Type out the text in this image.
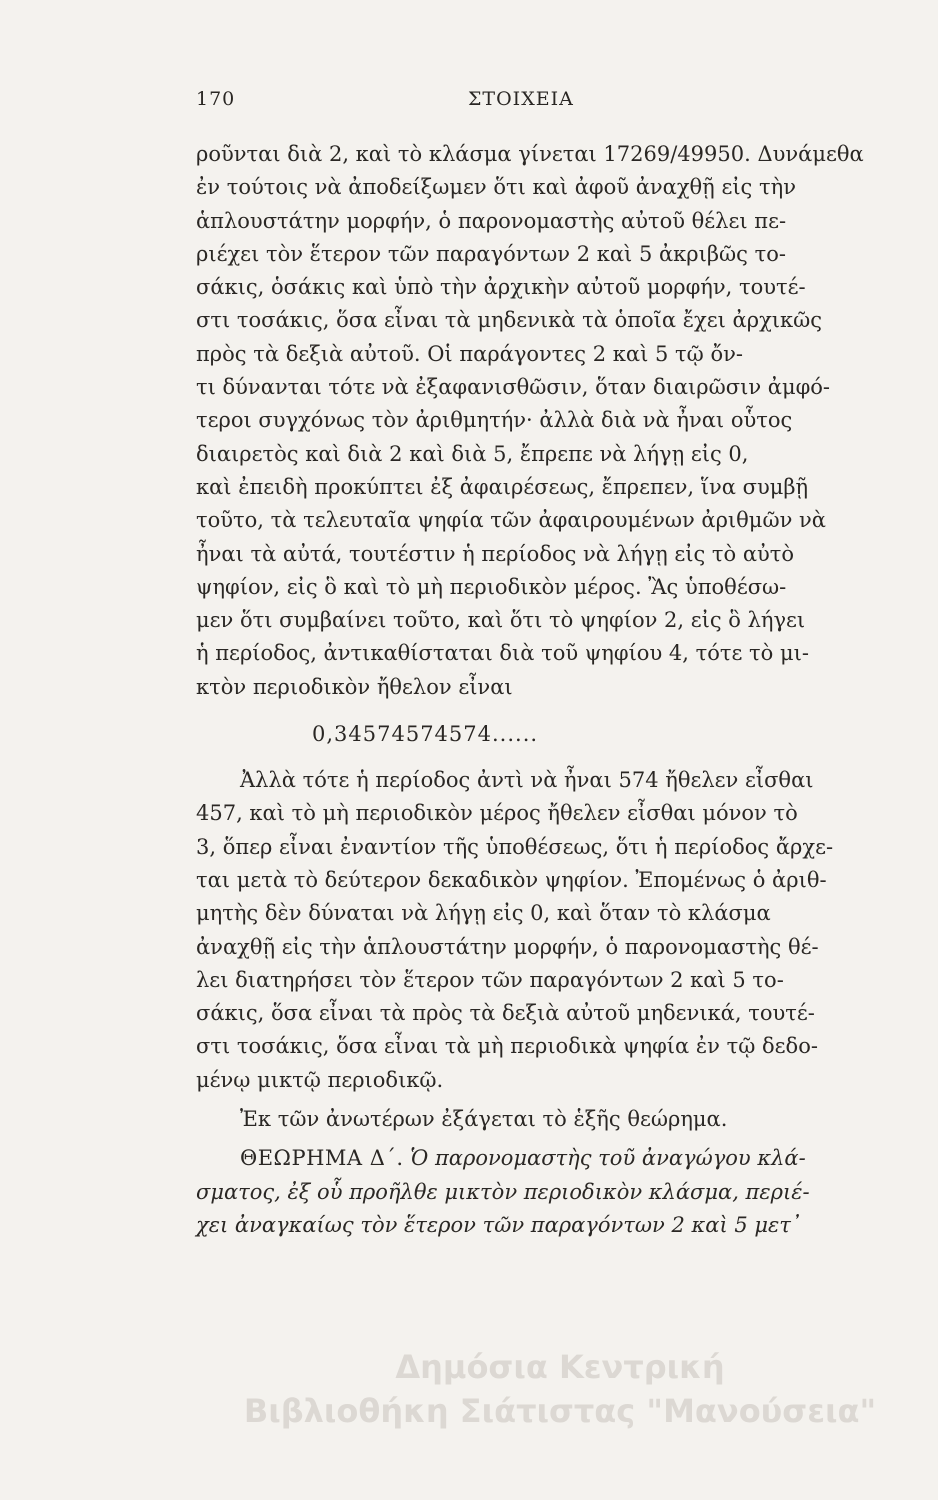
170	ΣΤΟΙΧΕΙΑ
ροῦνται διὰ 2, καὶ τὸ κλάσμα γίνεται 17269/49950. Δυνάμεθα
ἐν τούτοις νὰ ἀποδείξωμεν ὅτι καὶ ἀφοῦ ἀναχθῇ εἰς τὴν
ἁπλουστάτην μορφήν, ὁ παρονομαστὴς αὐτοῦ θέλει πε-
ριέχει τὸν ἕτερον τῶν παραγόντων 2 καὶ 5 ἀκριβῶς το-
σάκις, ὁσάκις καὶ ὑπὸ τὴν ἀρχικὴν αὐτοῦ μορφήν, τουτέ-
στι τοσάκις, ὅσα εἶναι τὰ μηδενικὰ τὰ ὁποῖα ἔχει ἀρχικῶς
πρὸς τὰ δεξιὰ αὐτοῦ. Οἱ παράγοντες 2 καὶ 5 τῷ ὄν-
τι δύνανται τότε νὰ ἐξαφανισθῶσιν, ὅταν διαιρῶσιν ἀμφό-
τεροι συγχόνως τὸν ἀριθμητήν· ἀλλὰ διὰ νὰ ἦναι οὗτος
διαιρετὸς καὶ διὰ 2 καὶ διὰ 5, ἔπρεπε νὰ λήγῃ εἰς 0,
καὶ ἐπειδὴ προκύπτει ἐξ ἀφαιρέσεως, ἔπρεπεν, ἵνα συμβῇ
τοῦτο, τὰ τελευταῖα ψηφία τῶν ἀφαιρουμένων ἀριθμῶν νὰ
ἦναι τὰ αὐτά, τουτέστιν ἡ περίοδος νὰ λήγῃ εἰς τὸ αὐτὸ
ψηφίον, εἰς ὃ καὶ τὸ μὴ περιοδικὸν μέρος. Ἂς ὑποθέσω-
μεν ὅτι συμβαίνει τοῦτο, καὶ ὅτι τὸ ψηφίον 2, εἰς ὃ λήγει
ἡ περίοδος, ἀντικαθίσταται διὰ τοῦ ψηφίου 4, τότε τὸ μι-
κτὸν περιοδικὸν ἤθελον εἶναι
0,34574574574......
Ἀλλὰ τότε ἡ περίοδος ἀντὶ νὰ ἦναι 574 ἤθελεν εἶσθαι
457, καὶ τὸ μὴ περιοδικὸν μέρος ἤθελεν εἶσθαι μόνον τὸ
3, ὅπερ εἶναι ἐναντίον τῆς ὑποθέσεως, ὅτι ἡ περίοδος ἄρχε-
ται μετὰ τὸ δεύτερον δεκαδικὸν ψηφίον. Ἐπομένως ὁ ἀριθ-
μητὴς δὲν δύναται νὰ λήγῃ εἰς 0, καὶ ὅταν τὸ κλάσμα
ἀναχθῇ εἰς τὴν ἁπλουστάτην μορφήν, ὁ παρονομαστὴς θέ-
λει διατηρήσει τὸν ἕτερον τῶν παραγόντων 2 καὶ 5 το-
σάκις, ὅσα εἶναι τὰ πρὸς τὰ δεξιὰ αὐτοῦ μηδενικά, τουτέ-
στι τοσάκις, ὅσα εἶναι τὰ μὴ περιοδικὰ ψηφία ἐν τῷ δεδο-
μένῳ μικτῷ περιοδικῷ.
Ἐκ τῶν ἀνωτέρων ἐξάγεται τὸ ἑξῆς θεώρημα.
ΘΕΩΡΗΜΑ Δ΄. Ὁ παρονομαστὴς τοῦ ἀναγώγου κλά-
σματος, ἐξ οὗ προῆλθε μικτὸν περιοδικὸν κλάσμα, περιέ-
χει ἀναγκαίως τὸν ἕτερον τῶν παραγόντων 2 καὶ 5 μετ᾿
Δημόσια Κεντρική
Βιβλιοθήκη Σιάτιστας "Μανούσεια"
